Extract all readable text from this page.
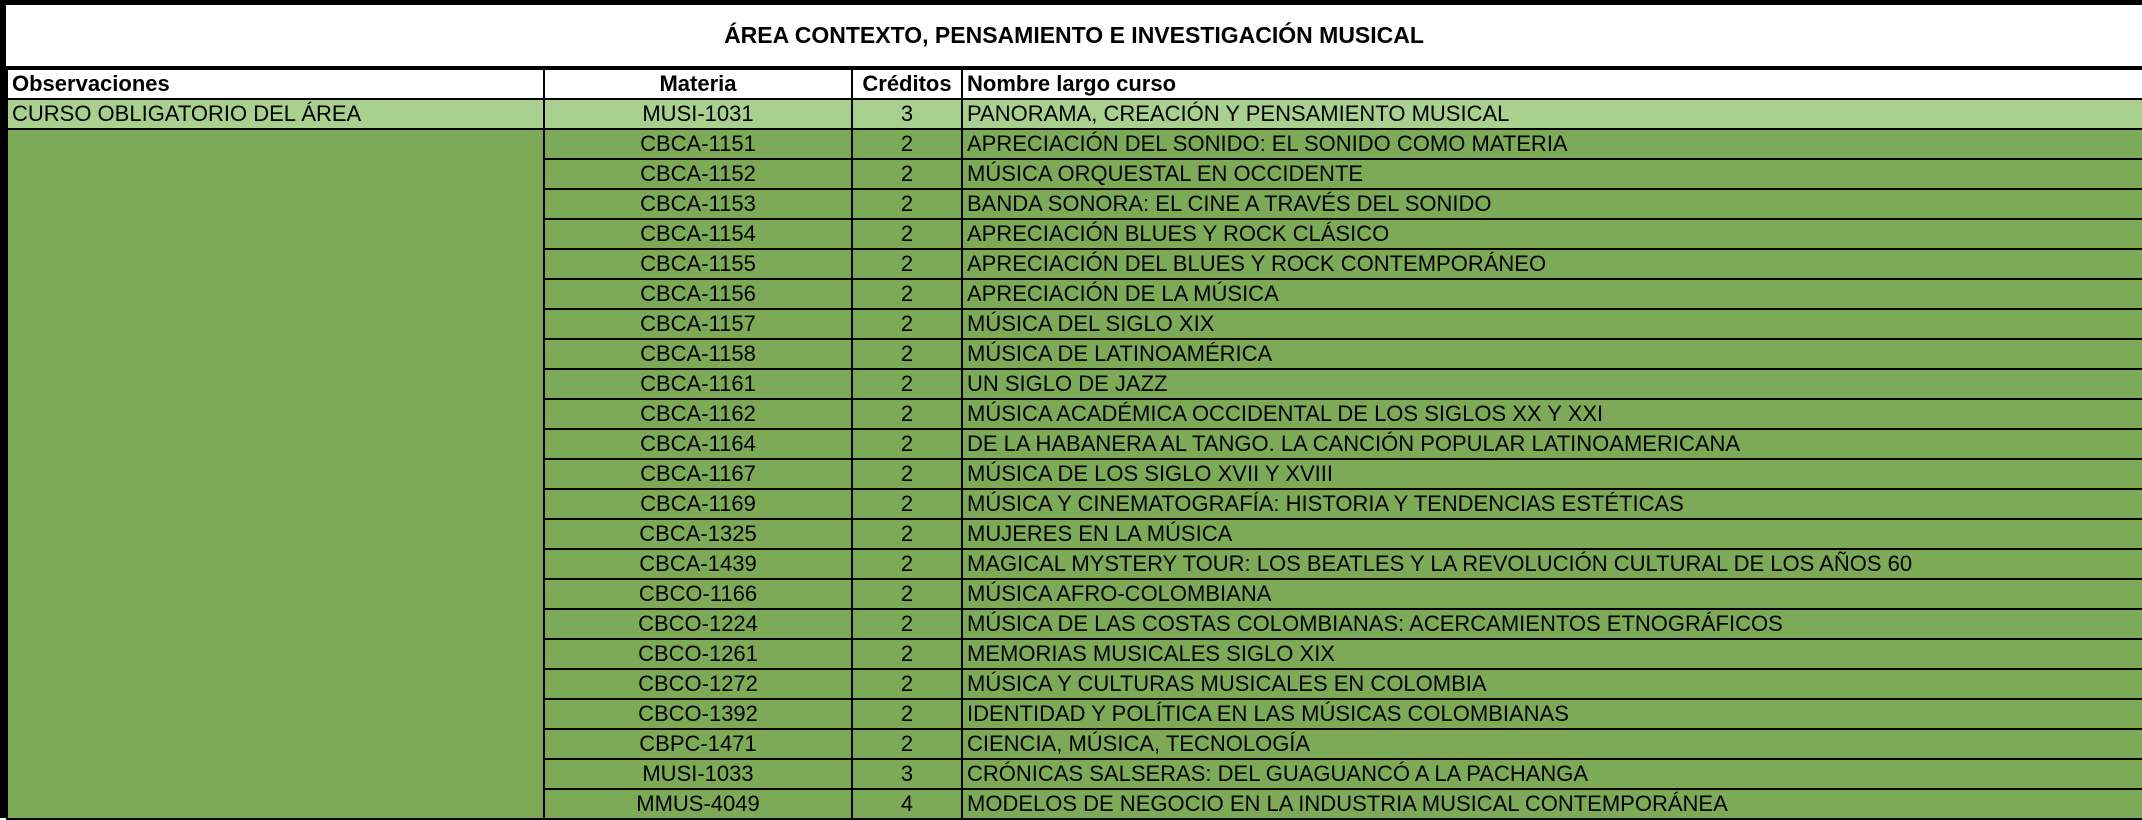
ÁREA CONTEXTO, PENSAMIENTO E INVESTIGACIÓN MUSICAL
Observaciones	Materia	Créditos	Nombre largo curso
CURSO OBLIGATORIO DEL ÁREA	MUSI-1031	3	PANORAMA, CREACIÓN Y PENSAMIENTO MUSICAL
	CBCA-1151	2	APRECIACIÓN DEL SONIDO: EL SONIDO COMO MATERIA
	CBCA-1152	2	MÚSICA ORQUESTAL EN OCCIDENTE
	CBCA-1153	2	BANDA SONORA: EL CINE A TRAVÉS DEL SONIDO
	CBCA-1154	2	APRECIACIÓN BLUES Y ROCK CLÁSICO
	CBCA-1155	2	APRECIACIÓN DEL BLUES Y ROCK CONTEMPORÁNEO
	CBCA-1156	2	APRECIACIÓN DE LA MÚSICA
	CBCA-1157	2	MÚSICA DEL SIGLO XIX
	CBCA-1158	2	MÚSICA DE LATINOAMÉRICA
	CBCA-1161	2	UN SIGLO DE JAZZ
	CBCA-1162	2	MÚSICA ACADÉMICA OCCIDENTAL DE LOS SIGLOS XX Y XXI
	CBCA-1164	2	DE LA HABANERA AL TANGO. LA CANCIÓN POPULAR LATINOAMERICANA
	CBCA-1167	2	MÚSICA DE LOS SIGLO XVII Y XVIII
	CBCA-1169	2	MÚSICA Y CINEMATOGRAFÍA: HISTORIA Y TENDENCIAS ESTÉTICAS
	CBCA-1325	2	MUJERES EN LA MÚSICA
	CBCA-1439	2	MAGICAL MYSTERY TOUR: LOS BEATLES Y LA REVOLUCIÓN CULTURAL DE LOS AÑOS 60
	CBCO-1166	2	MÚSICA AFRO-COLOMBIANA
	CBCO-1224	2	MÚSICA DE LAS COSTAS COLOMBIANAS: ACERCAMIENTOS ETNOGRÁFICOS
	CBCO-1261	2	MEMORIAS MUSICALES SIGLO XIX
	CBCO-1272	2	MÚSICA Y CULTURAS MUSICALES EN COLOMBIA
	CBCO-1392	2	IDENTIDAD Y POLÍTICA EN LAS MÚSICAS COLOMBIANAS
	CBPC-1471	2	CIENCIA, MÚSICA, TECNOLOGÍA
	MUSI-1033	3	CRÓNICAS SALSERAS: DEL GUAGUANCÓ A LA PACHANGA
	MMUS-4049	4	MODELOS DE NEGOCIO EN LA INDUSTRIA MUSICAL CONTEMPORÁNEA
